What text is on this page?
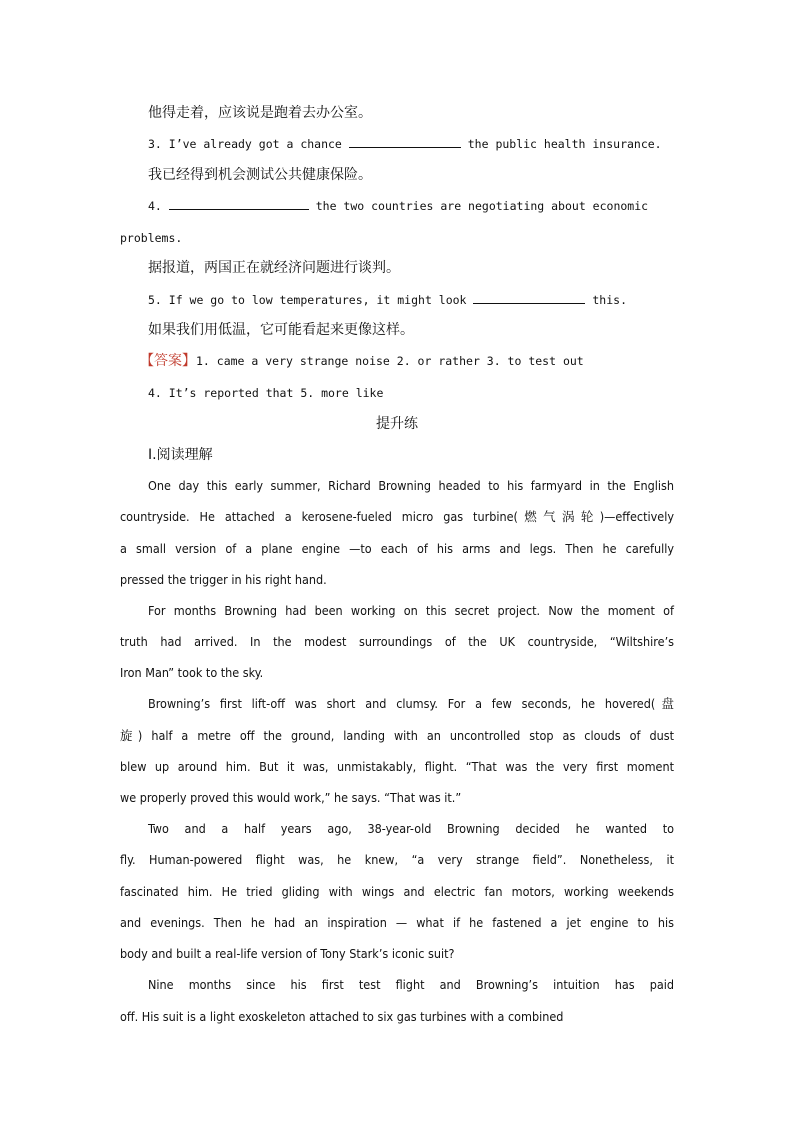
他得走着，应该说是跑着去办公室。
3. I’ve already got a chance	the public health insurance.
我已经得到机会测试公共健康保险。
4.	the two countries are negotiating about economic
problems.
据报道，两国正在就经济问题进行谈判。
5. If we go to low temperatures, it might look	this.
如果我们用低温，它可能看起来更像这样。
【答案】1. came a very strange noise 2. or rather 3. to test out
4. It’s reported that 5. more like
提升练
Ⅰ.阅读理解
One day this early summer, Richard Browning headed to his farmyard in the English
countryside. He attached a kerosene-fueled micro gas turbine(燃气涡轮)—effectively
a small version of a plane engine —to each of his arms and legs. Then he carefully
pressed the trigger in his right hand.
For months Browning had been working on this secret project. Now the moment of
truth had arrived. In the modest surroundings of the UK countryside, “Wiltshire’s
Iron Man” took to the sky.
Browning’s first lift-off was short and clumsy. For a few seconds, he hovered(盘
旋) half a metre off the ground, landing with an uncontrolled stop as clouds of dust
blew up around him. But it was, unmistakably, flight. “That was the very first moment
we properly proved this would work,” he says. “That was it.”
Two and a half years ago, 38-year-old Browning decided he wanted to
fly. Human-powered flight was, he knew, “a very strange field”. Nonetheless, it
fascinated him. He tried gliding with wings and electric fan motors, working weekends
and evenings. Then he had an inspiration — what if he fastened a jet engine to his
body and built a real-life version of Tony Stark’s iconic suit?
Nine months since his first test flight and Browning’s intuition has paid
off. His suit is a light exoskeleton attached to six gas turbines with a combined
